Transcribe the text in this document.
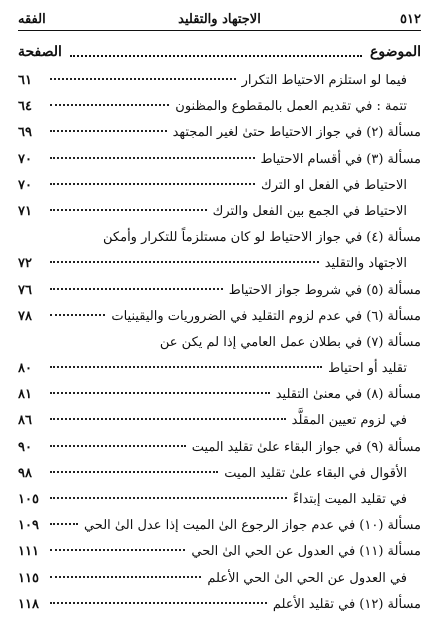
٥١٢
الاجتهاد والتقليد
الفقه
الموضوع
الصفحة
فيما لو استلزم الاحتياط التكرار
٦١
تتمة : في تقديم العمل بالمقطوع والمظنون
٦٤
مسألة (٢) في جواز الاحتياط حتیٰ لغير المجتهد
٦٩
مسألة (٣) في أقسام الاحتياط
٧٠
الاحتياط في الفعل او الترك
٧٠
الاحتياط في الجمع بين الفعل والترك
٧١
مسألة (٤) في جواز الاحتياط لو كان مستلزماً للتكرار وأمكن
الاجتهاد والتقليد
٧٢
مسألة (٥) في شروط جواز الاحتياط
٧٦
مسألة (٦) في عدم لزوم التقليد في الضروريات واليقينيات
٧٨
مسألة (٧) في بطلان عمل العامي إذا لم يكن عن
تقليد أو احتياط
٨٠
مسألة (٨) في معنیٰ التقليد
٨١
في لزوم تعيين المقلَّد
٨٦
مسألة (٩) في جواز البقاء علیٰ تقليد الميت
٩٠
الأقوال في البقاء علیٰ تقليد الميت
٩٨
في تقليد الميت إبتداءً
١٠٥
مسألة (١٠) في عدم جواز الرجوع الیٰ الميت إذا عدل الیٰ الحي
١٠٩
مسألة (١١) في العدول عن الحي الیٰ الحي
١١١
في العدول عن الحي الیٰ الحي الأعلم
١١٥
مسألة (١٢) في تقليد الأعلم
١١٨
